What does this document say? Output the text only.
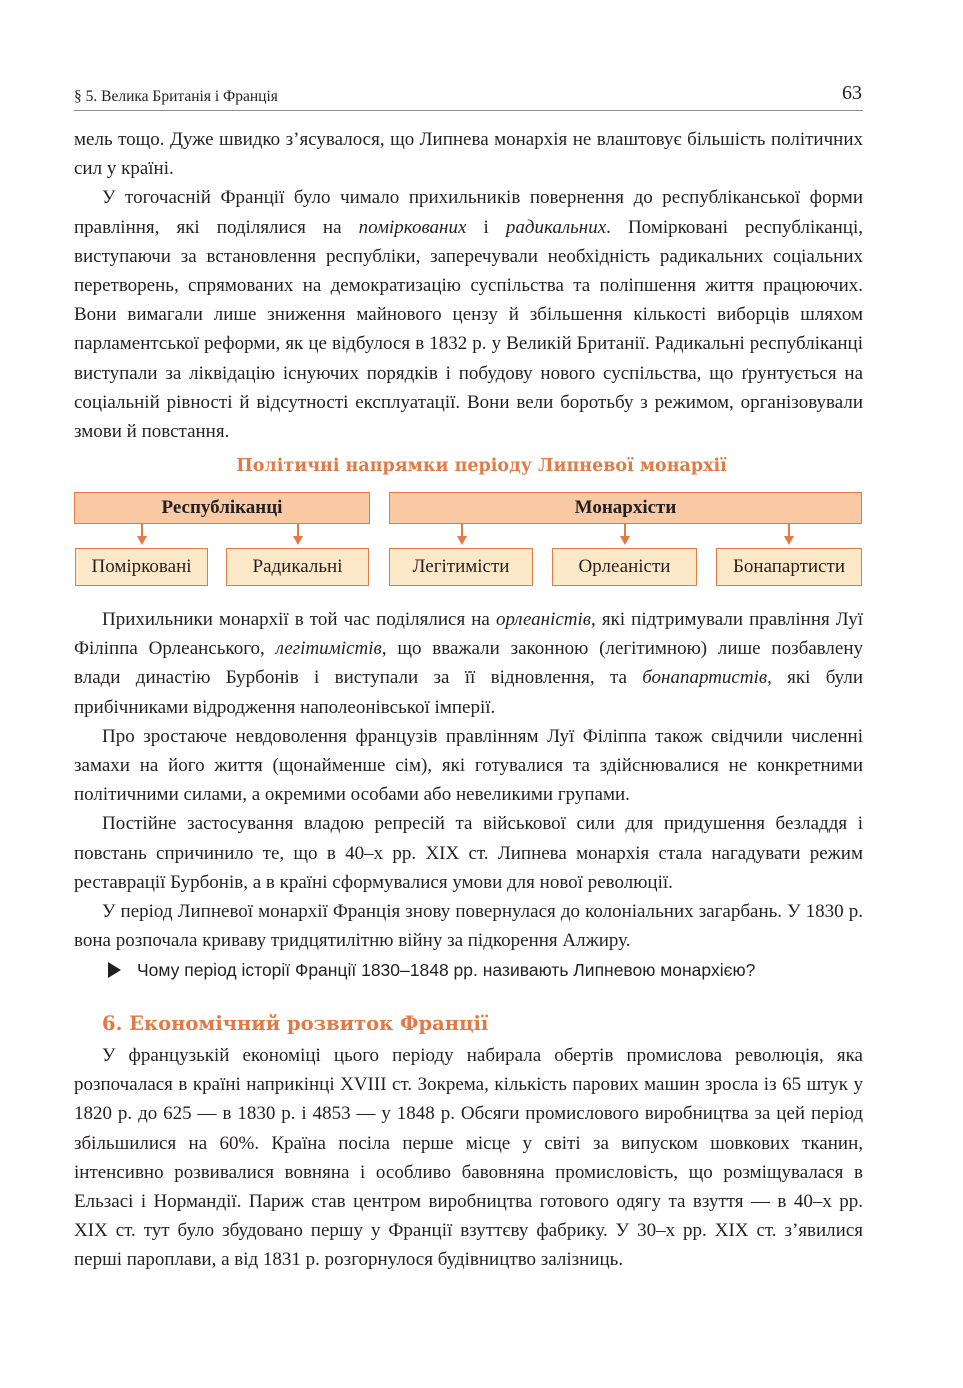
§ 5. Велика Британія і Франція	63

мель тощо. Дуже швидко з’ясувалося, що Липнева монархія не влаштовує більшість політичних сил у країні.

У тогочасній Франції було чимало прихильників повернення до республіканської форми правління, які поділялися на поміркованих і радикальних. Помірковані республіканці, виступаючи за встановлення республіки, заперечували необхідність радикальних соціальних перетворень, спрямованих на демократизацію суспільства та поліпшення життя працюючих. Вони вимагали лише зниження майнового цензу й збільшення кількості виборців шляхом парламентської реформи, як це відбулося в 1832 р. у Великій Британії. Радикальні республіканці виступали за ліквідацію існуючих порядків і побудову нового суспільства, що ґрунтується на соціальній рівності й відсутності експлуатації. Вони вели боротьбу з режимом, організовували змови й повстання.

Політичні напрямки періоду Липневої монархії
Республіканці	Монархісти
Помірковані	Радикальні	Легітимісти	Орлеаністи	Бонапартисти

Прихильники монархії в той час поділялися на орлеаністів, які підтримували правління Луї Філіппа Орлеанського, легітимістів, що вважали законною (легітимною) лише позбавлену влади династію Бурбонів і виступали за її відновлення, та бонапартистів, які були прибічниками відродження наполеонівської імперії.

Про зростаюче невдоволення французів правлінням Луї Філіппа також свідчили численні замахи на його життя (щонайменше сім), які готувалися та здійснювалися не конкретними політичними силами, а окремими особами або невеликими групами.

Постійне застосування владою репресій та військової сили для придушення безладдя і повстань спричинило те, що в 40–х рр. XIX ст. Липнева монархія стала нагадувати режим реставрації Бурбонів, а в країні сформувалися умови для нової революції.

У період Липневої монархії Франція знову повернулася до колоніальних загарбань. У 1830 р. вона розпочала криваву тридцятилітню війну за підкорення Алжиру.

Чому період історії Франції 1830–1848 рр. називають Липневою монархією?
6. Економічний розвиток Франції

У французькій економіці цього періоду набирала обертів промислова революція, яка розпочалася в країні наприкінці XVIII ст. Зокрема, кількість парових машин зросла із 65 штук у 1820 р. до 625 — в 1830 р. і 4853 — у 1848 р. Обсяги промислового виробництва за цей період збільшилися на 60%. Країна посіла перше місце у світі за випуском шовкових тканин, інтенсивно розвивалися вовняна і особливо бавовняна промисловість, що розміщувалася в Ельзасі і Нормандії. Париж став центром виробництва готового одягу та взуття — в 40–х рр. XIX ст. тут було збудовано першу у Франції взуттєву фабрику. У 30–х рр. XIX ст. з’явилися перші пароплави, а від 1831 р. розгорнулося будівництво залізниць.
